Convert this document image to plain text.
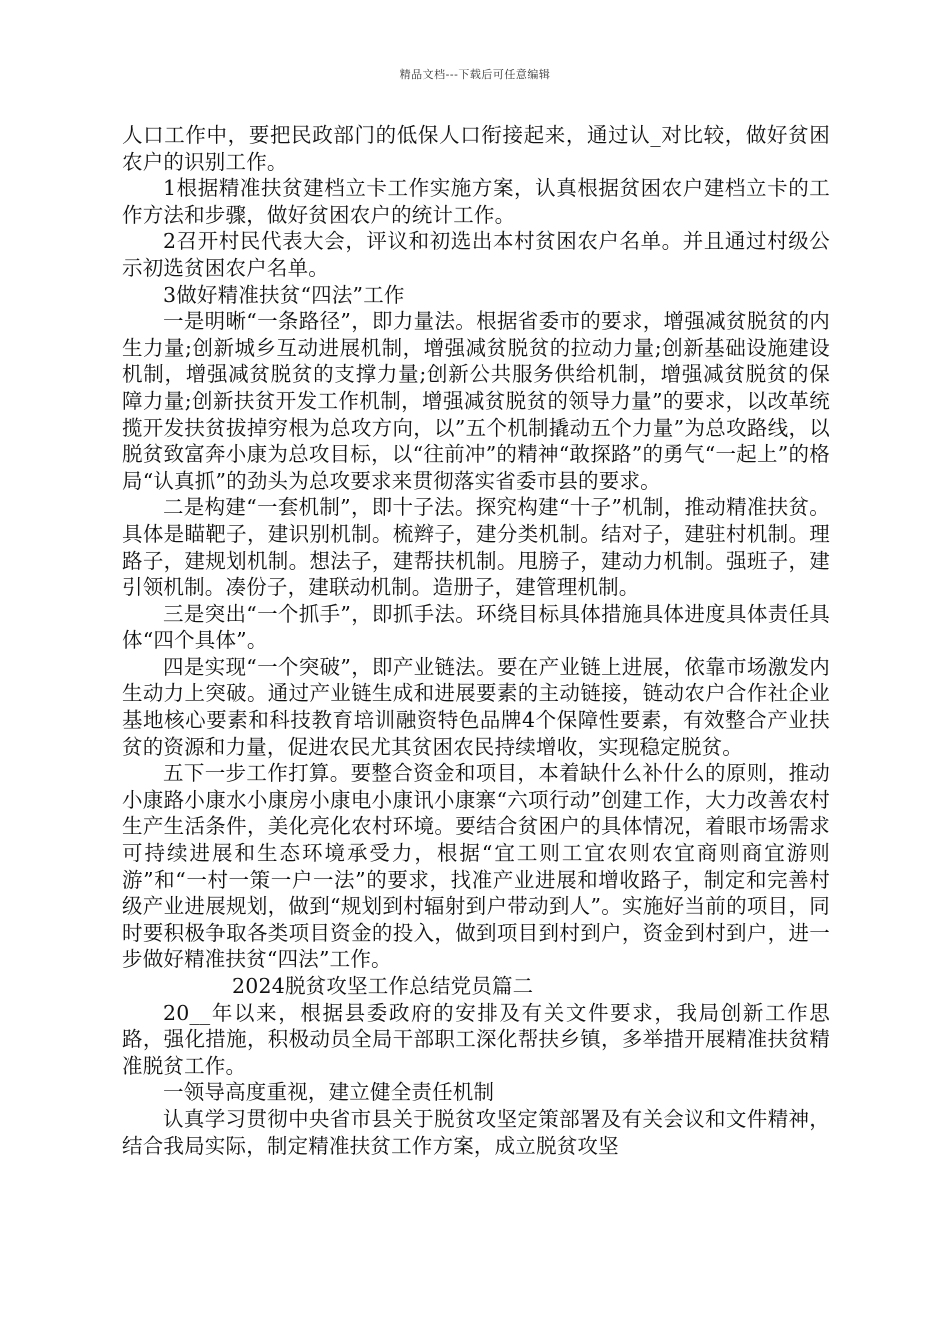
精品文档---下载后可任意编辑

人口工作中，要把民政部门的低保人口衔接起来，通过认_对比较，做好贫困农户的识别工作。

1根据精准扶贫建档立卡工作实施方案，认真根据贫困农户建档立卡的工作方法和步骤，做好贫困农户的统计工作。

2召开村民代表大会，评议和初选出本村贫困农户名单。并且通过村级公示初选贫困农户名单。

3做好精准扶贫“四法”工作

一是明晰“一条路径”，即力量法。根据省委市的要求，增强减贫脱贫的内生力量;创新城乡互动进展机制，增强减贫脱贫的拉动力量;创新基础设施建设机制，增强减贫脱贫的支撑力量;创新公共服务供给机制，增强减贫脱贫的保障力量;创新扶贫开发工作机制，增强减贫脱贫的领导力量”的要求，以改革统揽开发扶贫拔掉穷根为总攻方向，以”五个机制撬动五个力量”为总攻路线，以脱贫致富奔小康为总攻目标，以“往前冲”的精神“敢探路”的勇气“一起上”的格局“认真抓”的劲头为总攻要求来贯彻落实省委市县的要求。

二是构建“一套机制”，即十子法。探究构建“十子”机制，推动精准扶贫。具体是瞄靶子，建识别机制。梳辫子，建分类机制。结对子，建驻村机制。理路子，建规划机制。想法子，建帮扶机制。甩膀子，建动力机制。强班子，建引领机制。凑份子，建联动机制。造册子，建管理机制。

三是突出“一个抓手”，即抓手法。环绕目标具体措施具体进度具体责任具体“四个具体”。

四是实现“一个突破”，即产业链法。要在产业链上进展，依靠市场激发内生动力上突破。通过产业链生成和进展要素的主动链接，链动农户合作社企业基地核心要素和科技教育培训融资特色品牌4个保障性要素，有效整合产业扶贫的资源和力量，促进农民尤其贫困农民持续增收，实现稳定脱贫。

五下一步工作打算。要整合资金和项目，本着缺什么补什么的原则，推动小康路小康水小康房小康电小康讯小康寨“六项行动”创建工作，大力改善农村生产生活条件，美化亮化农村环境。要结合贫困户的具体情况，着眼市场需求可持续进展和生态环境承受力，根据“宜工则工宜农则农宜商则商宜游则游”和“一村一策一户一法”的要求，找准产业进展和增收路子，制定和完善村级产业进展规划，做到“规划到村辐射到户带动到人”。实施好当前的项目，同时要积极争取各类项目资金的投入，做到项目到村到户，资金到村到户，进一步做好精准扶贫“四法”工作。

2024脱贫攻坚工作总结党员篇二

20__年以来，根据县委政府的安排及有关文件要求，我局创新工作思路，强化措施，积极动员全局干部职工深化帮扶乡镇，多举措开展精准扶贫精准脱贫工作。

一领导高度重视，建立健全责任机制

认真学习贯彻中央省市县关于脱贫攻坚定策部署及有关会议和文件精神，结合我局实际，制定精准扶贫工作方案，成立脱贫攻坚
